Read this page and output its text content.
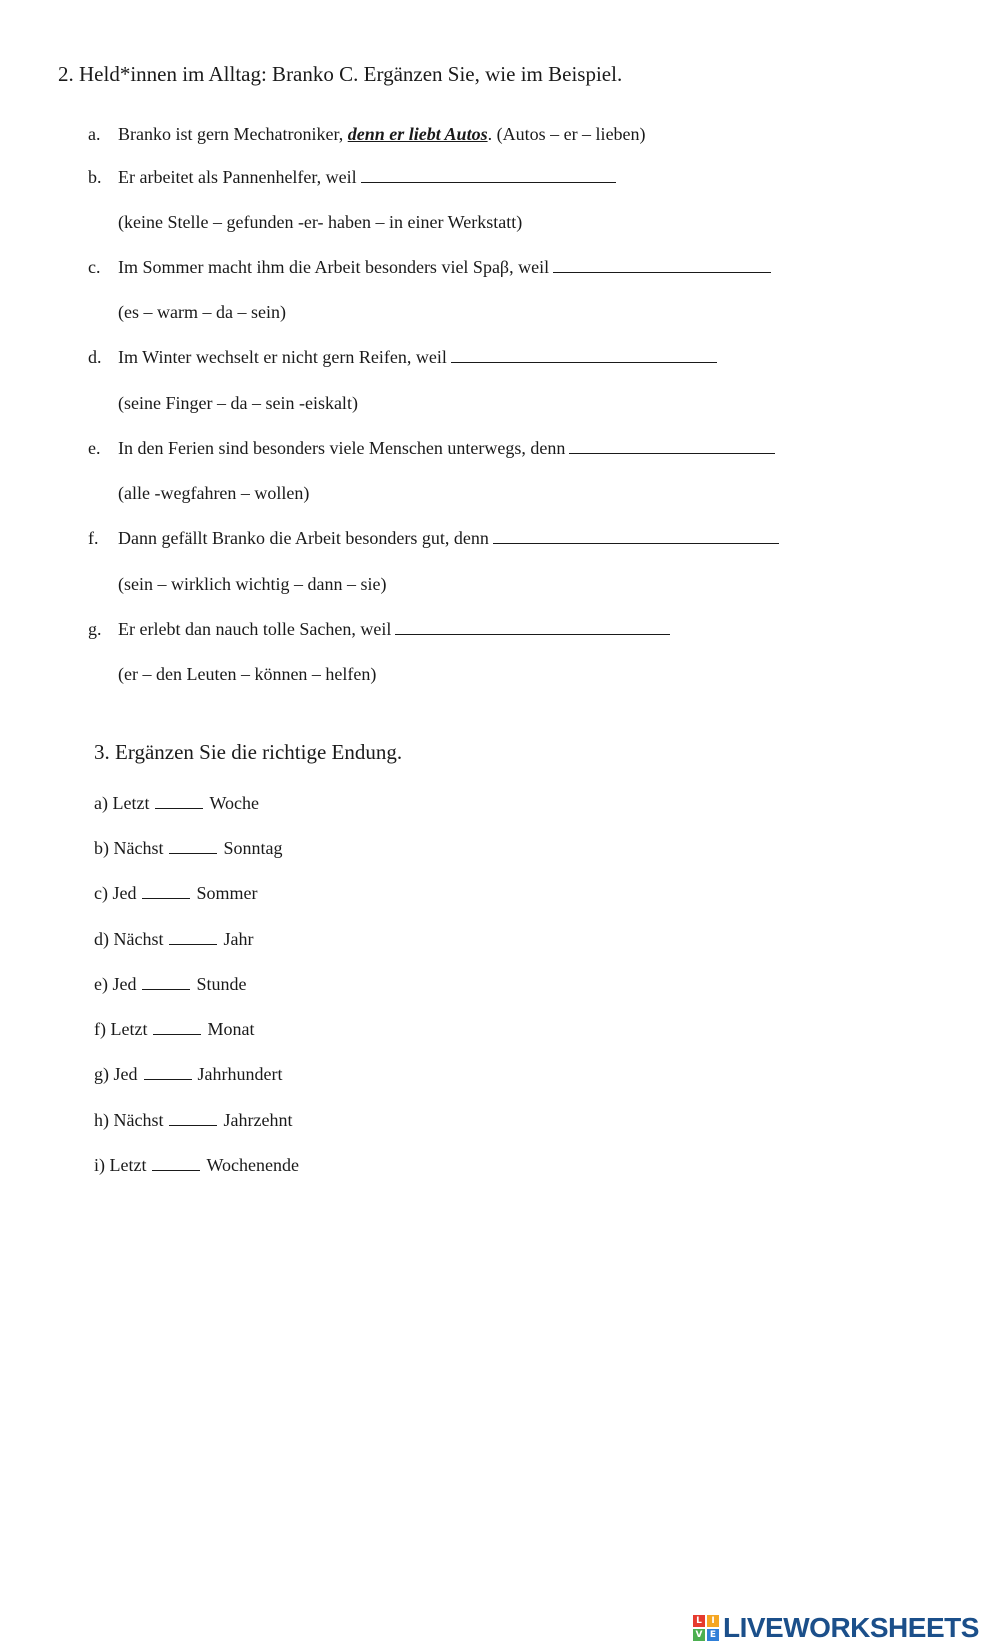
2. Held*innen im Alltag: Branko C. Ergänzen Sie, wie im Beispiel.
a. Branko ist gern Mechatroniker, denn er liebt Autos. (Autos – er – lieben)
b. Er arbeitet als Pannenhelfer, weil
(keine Stelle – gefunden -er- haben – in einer Werkstatt)
c. Im Sommer macht ihm die Arbeit besonders viel Spaβ, weil
(es – warm – da – sein)
d. Im Winter wechselt er nicht gern Reifen, weil
(seine Finger – da – sein -eiskalt)
e. In den Ferien sind besonders viele Menschen unterwegs, denn
(alle -wegfahren – wollen)
f. Dann gefällt Branko die Arbeit besonders gut, denn
(sein – wirklich wichtig – dann – sie)
g. Er erlebt dan nauch tolle Sachen, weil
(er – den Leuten – können – helfen)
3. Ergänzen Sie die richtige Endung.
a) Letzt	Woche
b) Nächst	Sonntag
c) Jed	Sommer
d) Nächst	Jahr
e) Jed	Stunde
f) Letzt	Monat
g) Jed	Jahrhundert
h) Nächst	Jahrzehnt
i) Letzt	Wochenende
L	I
V E LIVEWORKSHEETS
